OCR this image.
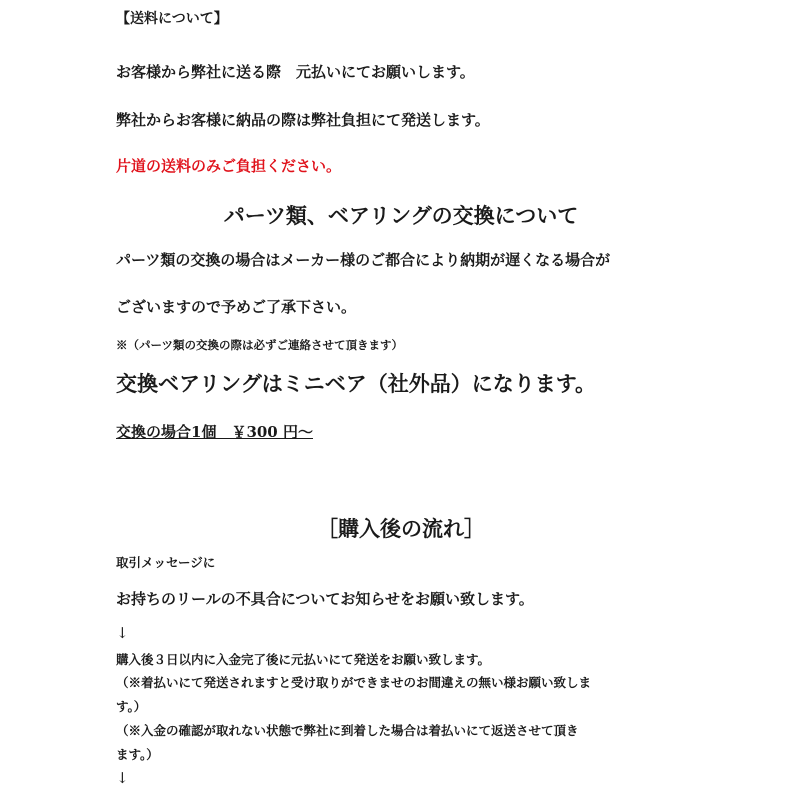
【送料について】
お客様から弊社に送る際　元払いにてお願いします。
弊社からお客様に納品の際は弊社負担にて発送します。
片道の送料のみご負担ください。
パーツ類、ベアリングの交換について
パーツ類の交換の場合はメーカー様のご都合により納期が遅くなる場合が
ございますので予めご了承下さい。
※（パーツ類の交換の際は必ずご連絡させて頂きます）
交換ベアリングはミニベア（社外品）になります。
交換の場合1個　￥300 円～
［購入後の流れ］
取引メッセージに
お持ちのリールの不具合についてお知らせをお願い致します。
↓
購入後３日以内に入金完了後に元払いにて発送をお願い致します。
（※着払いにて発送されますと受け取りができませのお間違えの無い様お願い致しま
す。）
（※入金の確認が取れない状態で弊社に到着した場合は着払いにて返送させて頂き
ます。）
↓
